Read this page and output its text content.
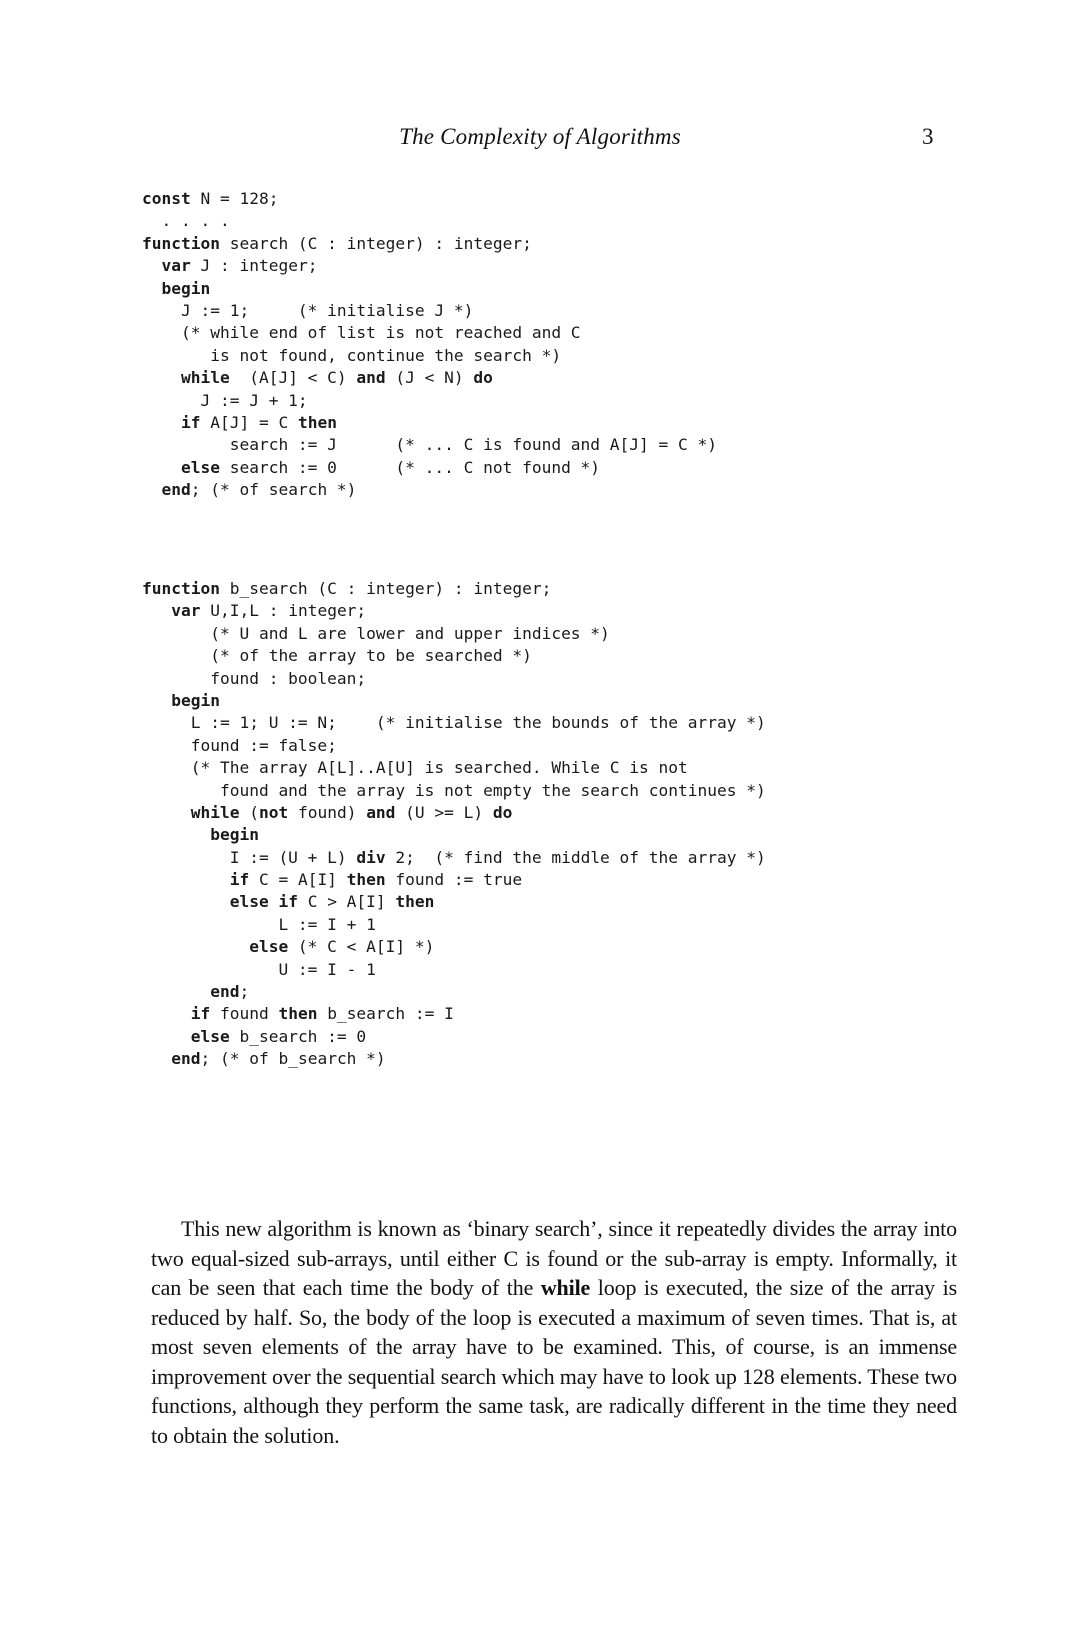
The Complexity of Algorithms	3
const N = 128;
. . . .
function search (C : integer) : integer;
var J : integer;
begin
J := 1;     (* initialise J *)
(* while end of list is not reached and C
is not found, continue the search *)
while  (A[J] < C) and (J < N) do
J := J + 1;
if A[J] = C then
search := J      (* ... C is found and A[J] = C *)
else search := 0      (* ... C not found *)
end; (* of search *)
function b_search (C : integer) : integer;
var U,I,L : integer;
(* U and L are lower and upper indices *)
(* of the array to be searched *)
found : boolean;
begin
L := 1; U := N;    (* initialise the bounds of the array *)
found := false;
(* The array A[L]..A[U] is searched. While C is not
found and the array is not empty the search continues *)
while (not found) and (U >= L) do
begin
I := (U + L) div 2;  (* find the middle of the array *)
if C = A[I] then found := true
else if C > A[I] then
L := I + 1
else (* C < A[I] *)
U := I - 1
end;
if found then b_search := I
else b_search := 0
end; (* of b_search *)

This new algorithm is known as ‘binary search’, since it repeatedly divides the array into two equal-sized sub-arrays, until either C is found or the sub-array is empty. Informally, it can be seen that each time the body of the while loop is executed, the size of the array is reduced by half. So, the body of the loop is executed a maximum of seven times. That is, at most seven elements of the array have to be examined. This, of course, is an immense improvement over the sequential search which may have to look up 128 elements. These two functions, although they perform the same task, are radically different in the time they need to obtain the solution.
